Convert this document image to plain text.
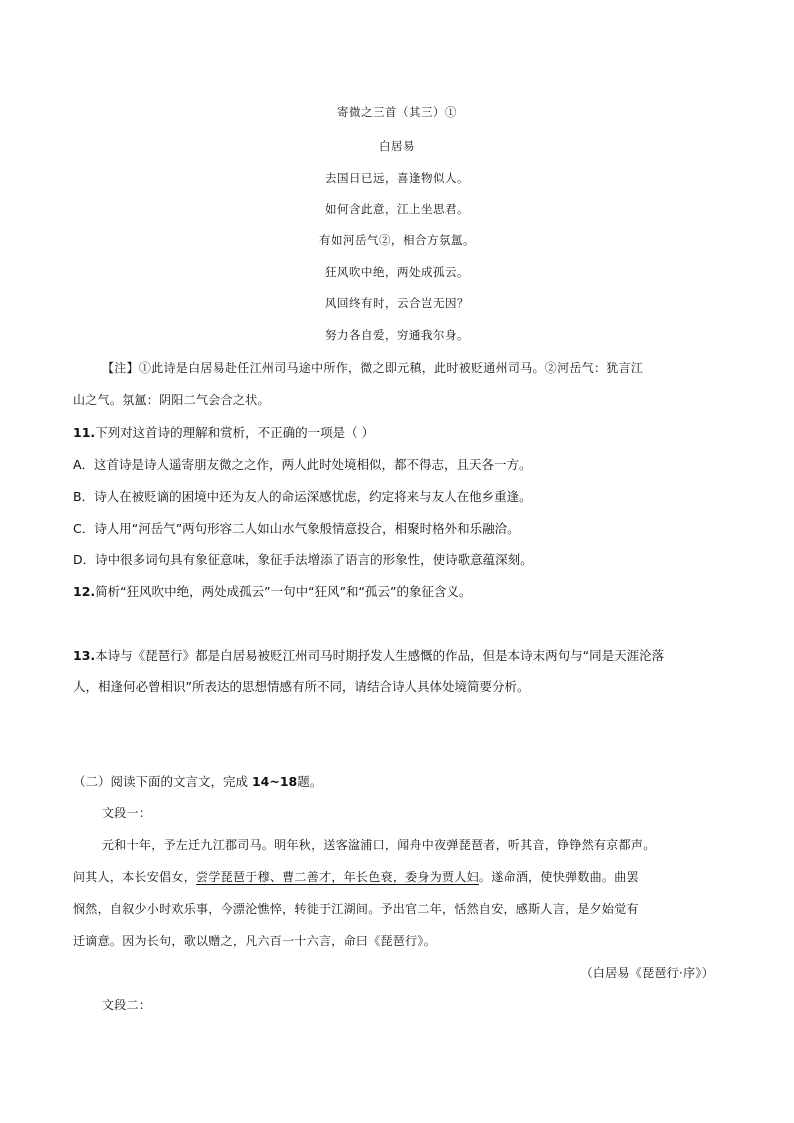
寄微之三首（其三）①
白居易
去国日已远，喜逢物似人。
如何含此意，江上坐思君。
有如河岳气②，相合方氛氲。
狂风吹中绝，两处成孤云。
风回终有时，云合岂无因？
努力各自爱，穷通我尔身。
【注】①此诗是白居易赴任江州司马途中所作，微之即元稹，此时被贬通州司马。②河岳气：犹言江
山之气。氛氲：阴阳二气会合之状。
11.下列对这首诗的理解和赏析，不正确的一项是（ ）
A．这首诗是诗人遥寄朋友微之之作，两人此时处境相似，都不得志，且天各一方。
B．诗人在被贬谪的困境中还为友人的命运深感忧虑，约定将来与友人在他乡重逢。
C．诗人用“河岳气”两句形容二人如山水气象般情意投合，相聚时格外和乐融洽。
D．诗中很多词句具有象征意味，象征手法增添了语言的形象性，使诗歌意蕴深刻。
12.简析“狂风吹中绝，两处成孤云”一句中“狂风”和“孤云”的象征含义。
13.本诗与《琵琶行》都是白居易被贬江州司马时期抒发人生感慨的作品，但是本诗末两句与“同是天涯沦落
人，相逢何必曾相识”所表达的思想情感有所不同，请结合诗人具体处境简要分析。
（二）阅读下面的文言文，完成 14~18题。
文段一：
元和十年，予左迁九江郡司马。明年秋，送客湓浦口，闻舟中夜弹琵琶者，听其音，铮铮然有京都声。
问其人，本长安倡女，尝学琵琶于穆、曹二善才，年长色衰，委身为贾人妇。遂命酒，使快弹数曲。曲罢
悯然，自叙少小时欢乐事，今漂沦憔悴，转徙于江湖间。予出官二年，恬然自安，感斯人言，是夕始觉有
迁谪意。因为长句，歌以赠之，凡六百一十六言，命曰《琵琶行》。
（白居易《琵琶行·序》）
文段二：
